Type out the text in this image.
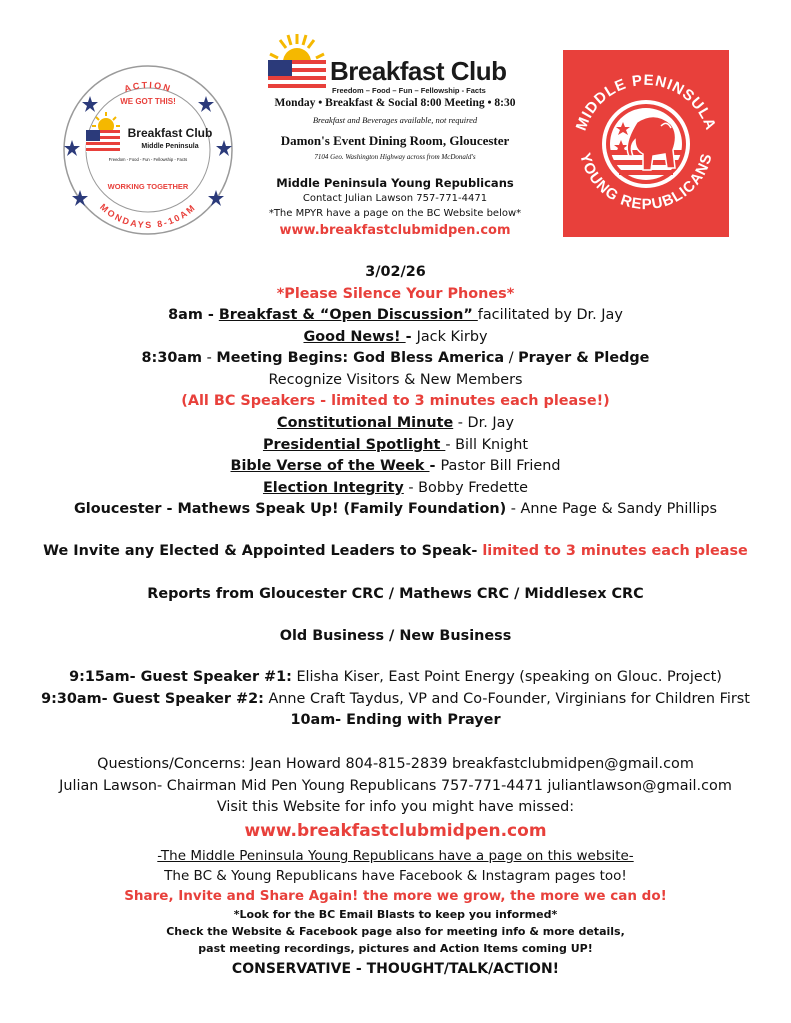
ACTION
MONDAYS 8-10AM
WE GOT THIS!
Breakfast Club
Middle Peninsula
Freedom - Food - Fun - Fellowship - Facts
WORKING TOGETHER
Breakfast Club
Freedom – Food – Fun – Fellowship - Facts
Monday • Breakfast & Social 8:00 Meeting • 8:30
Breakfast and Beverages available, not required
Damon's Event Dining Room, Gloucester
7104 Geo. Washington Highway across from McDonald's
Middle Peninsula Young Republicans
Contact Julian Lawson 757-771-4471
*The MPYR have a page on the BC Website below*
www.breakfastclubmidpen.com
MIDDLE PENINSULA
YOUNG REPUBLICANS
3/02/26
*Please Silence Your Phones*
8am - Breakfast & “Open Discussion” facilitated by Dr. Jay
Good News! - Jack Kirby
8:30am - Meeting Begins: God Bless America / Prayer & Pledge
Recognize Visitors & New Members
(All BC Speakers - limited to 3 minutes each please!)
Constitutional Minute - Dr. Jay
Presidential Spotlight - Bill Knight
Bible Verse of the Week - Pastor Bill Friend
Election Integrity - Bobby Fredette
Gloucester - Mathews Speak Up! (Family Foundation) - Anne Page & Sandy Phillips
We Invite any Elected & Appointed Leaders to Speak- limited to 3 minutes each please
Reports from Gloucester CRC / Mathews CRC / Middlesex CRC
Old Business / New Business
9:15am- Guest Speaker #1: Elisha Kiser, East Point Energy (speaking on Glouc. Project)
9:30am- Guest Speaker #2: Anne Craft Taydus, VP and Co-Founder, Virginians for Children First
10am- Ending with Prayer
Questions/Concerns: Jean Howard 804-815-2839 breakfastclubmidpen@gmail.com
Julian Lawson- Chairman Mid Pen Young Republicans 757-771-4471 juliantlawson@gmail.com
Visit this Website for info you might have missed:
www.breakfastclubmidpen.com
-The Middle Peninsula Young Republicans have a page on this website-
The BC & Young Republicans have Facebook & Instagram pages too!
Share, Invite and Share Again! the more we grow, the more we can do!
*Look for the BC Email Blasts to keep you informed*
Check the Website & Facebook page also for meeting info & more details,
past meeting recordings, pictures and Action Items coming UP!
CONSERVATIVE - THOUGHT/TALK/ACTION!
